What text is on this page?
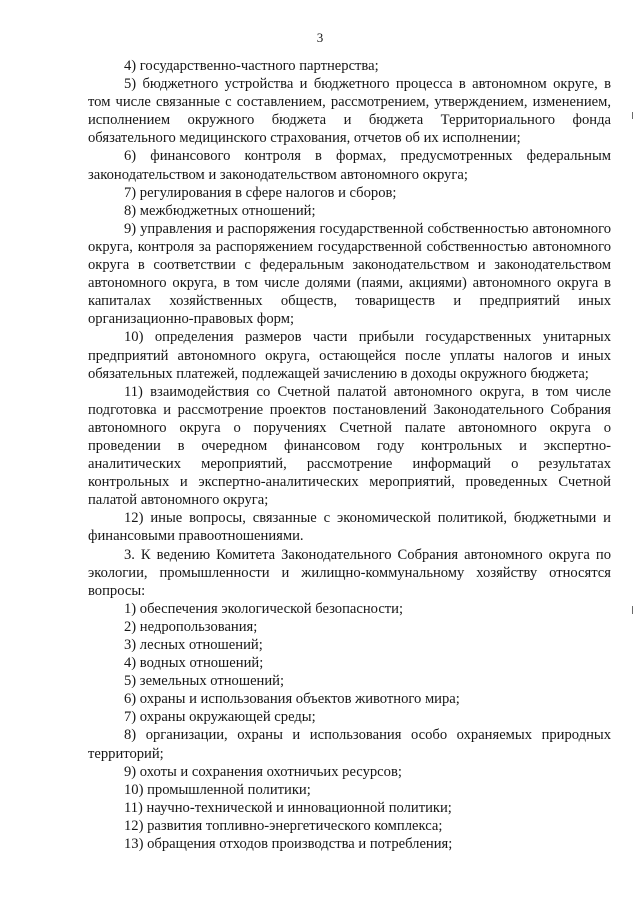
3

4) государственно-частного партнерства;

5) бюджетного устройства и бюджетного процесса в автономном округе, в том числе связанные с составлением, рассмотрением, утверждением, изменением, исполнением окружного бюджета и бюджета Территориального фонда обязательного медицинского страхования, отчетов об их исполнении;

6) финансового контроля в формах, предусмотренных федеральным законодательством и законодательством автономного округа;

7) регулирования в сфере налогов и сборов;

8) межбюджетных отношений;

9) управления и распоряжения государственной собственностью автономного округа, контроля за распоряжением государственной собственностью автономного округа в соответствии с федеральным законодательством и законодательством автономного округа, в том числе долями (паями, акциями) автономного округа в капиталах хозяйственных обществ, товариществ и предприятий иных организационно-правовых форм;

10) определения размеров части прибыли государственных унитарных предприятий автономного округа, остающейся после уплаты налогов и иных обязательных платежей, подлежащей зачислению в доходы окружного бюджета;

11) взаимодействия со Счетной палатой автономного округа, в том числе подготовка и рассмотрение проектов постановлений Законодательного Собрания автономного округа о поручениях Счетной палате автономного округа о проведении в очередном финансовом году контрольных и экспертно-аналитических мероприятий, рассмотрение информаций о результатах контрольных и экспертно-аналитических мероприятий, проведенных Счетной палатой автономного округа;

12) иные вопросы, связанные с экономической политикой, бюджетными и финансовыми правоотношениями.

3. К ведению Комитета Законодательного Собрания автономного округа по экологии, промышленности и жилищно-коммунальному хозяйству относятся вопросы:

1) обеспечения экологической безопасности;

2) недропользования;

3) лесных отношений;

4) водных отношений;

5) земельных отношений;

6) охраны и использования объектов животного мира;

7) охраны окружающей среды;

8) организации, охраны и использования особо охраняемых природных территорий;

9) охоты и сохранения охотничьих ресурсов;

10) промышленной политики;

11) научно-технической и инновационной политики;

12) развития топливно-энергетического комплекса;

13) обращения отходов производства и потребления;
